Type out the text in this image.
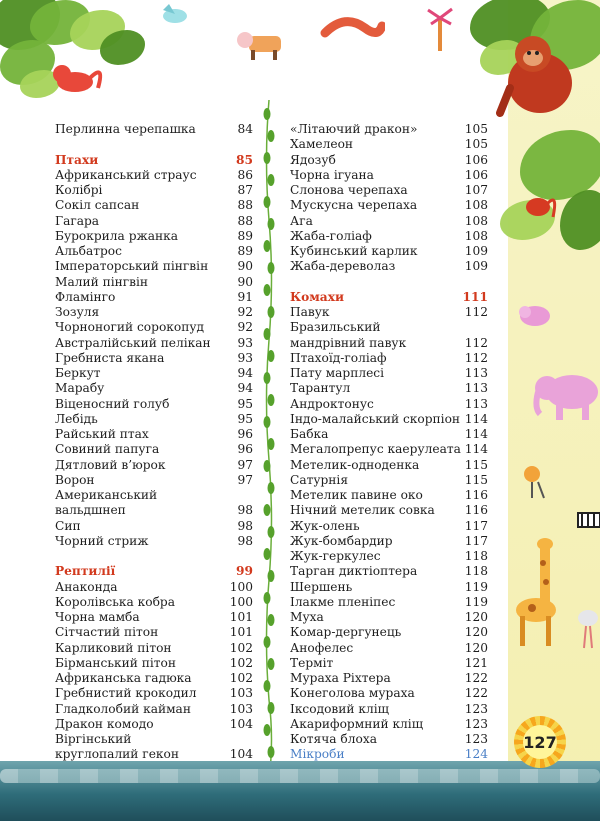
Перлинна черепашка	84
Птахи	85
Африканський страус	86
Колібрі	87
Сокіл сапсан	88
Гагара	88
Бурокрила ржанка	89
Альбатрос	89
Імператорський пінгвін 90
Малий пінгвін	90
Фламінго	91
Зозуля	92
Чорноногий сорокопуд	92
Австралійський пелікан 93
Гребниста якана	93
Беркут	94
Марабу	94
Віценосний голуб	95
Лебідь	95
Райський птах	96
Совиний папуга	96
Дятловий в’юрок	97
Ворон	97
Американський
вальдшнеп	98
Сип	98
Чорний стриж	98
Рептилії	99
Анаконда	100
Королівська кобра	100
Чорна мамба	101
Сітчастий пітон	101
Карликовий пітон	102
Бірманський пітон	102
Африканська гадюка	102
Гребнистий крокодил	103
Гладколобий кайман	103
Дракон комодо	104
Віргінський
круглопалий гекон	104
«Літаючий дракон»	105
Хамелеон	105
Ядозуб	106
Чорна ігуана	106
Слонова черепаха	107
Мускусна черепаха	108
Ага	108
Жаба-голіаф	108
Кубинський карлик	109
Жаба-дереволаз	109
Комахи	111
Павук	112
Бразильський
мандрівний павук	112
Птахоїд-голіаф	112
Пату марплесі	113
Тарантул	113
Андроктонус	113
Індо-малайський скорпіон 114
Бабка	114
Мегалопрепус каерулеата 114
Метелик-одноденка	115
Сатурнія	115
Метелик павине око	116
Нічний метелик совка 116
Жук-олень	117
Жук-бомбардир	117
Жук-геркулес	118
Тарган диктіоптера	118
Шершень	119
Ілакме пленіпес	119
Муха	120
Комар-дергунець	120
Анофелес	120
Терміт	121
Мураха Ріхтера	122
Конеголова мураха	122
Іксодовий кліщ	123
Акариформний кліщ	123
Котяча блоха	123
Мікроби	124
127
